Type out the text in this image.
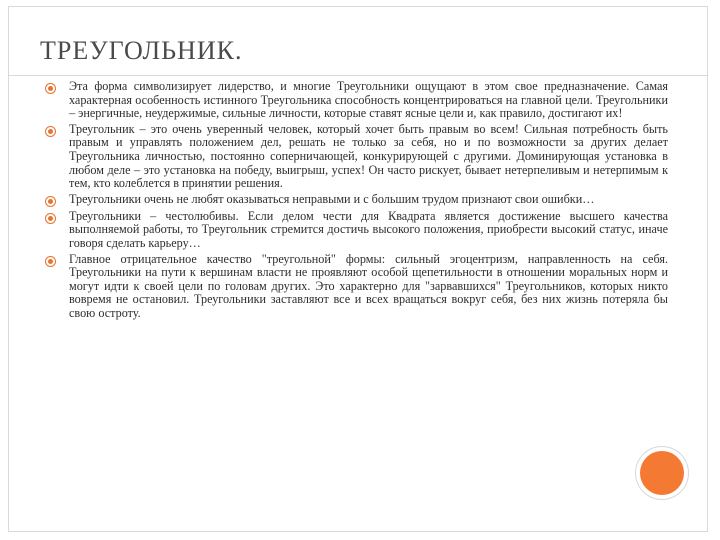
ТРЕУГОЛЬНИК.
Эта форма символизирует лидерство, и многие Треугольники ощущают в этом свое предназначение. Самая характерная особенность истинного Треугольника способность концентрироваться на главной цели. Треугольники – энергичные, неудержимые, сильные личности, которые ставят ясные цели и, как правило, достигают их!
Треугольник – это очень уверенный человек, который хочет быть правым во всем! Сильная потребность быть правым и управлять положением дел, решать не только за себя, но и по возможности за других делает Треугольника личностью, постоянно соперничающей, конкурирующей с другими. Доминирующая установка в любом деле – это установка на победу, выигрыш, успех! Он часто рискует, бывает нетерпеливым и нетерпимым к тем, кто колеблется в принятии решения.
Треугольники очень не любят оказываться неправыми и с большим трудом признают свои ошибки…
Треугольники – честолюбивы. Если делом чести для Квадрата является достижение высшего качества выполняемой работы, то Треугольник стремится достичь высокого положения, приобрести высокий статус, иначе говоря сделать карьеру…
Главное отрицательное качество "треугольной" формы: сильный эгоцентризм, направленность на себя. Треугольники на пути к вершинам власти не проявляют особой щепетильности в отношении моральных норм и могут идти к своей цели по головам других. Это характерно для "зарвавшихся" Треугольников, которых никто вовремя не остановил. Треугольники заставляют все и всех вращаться вокруг себя, без них жизнь потеряла бы свою остроту.
